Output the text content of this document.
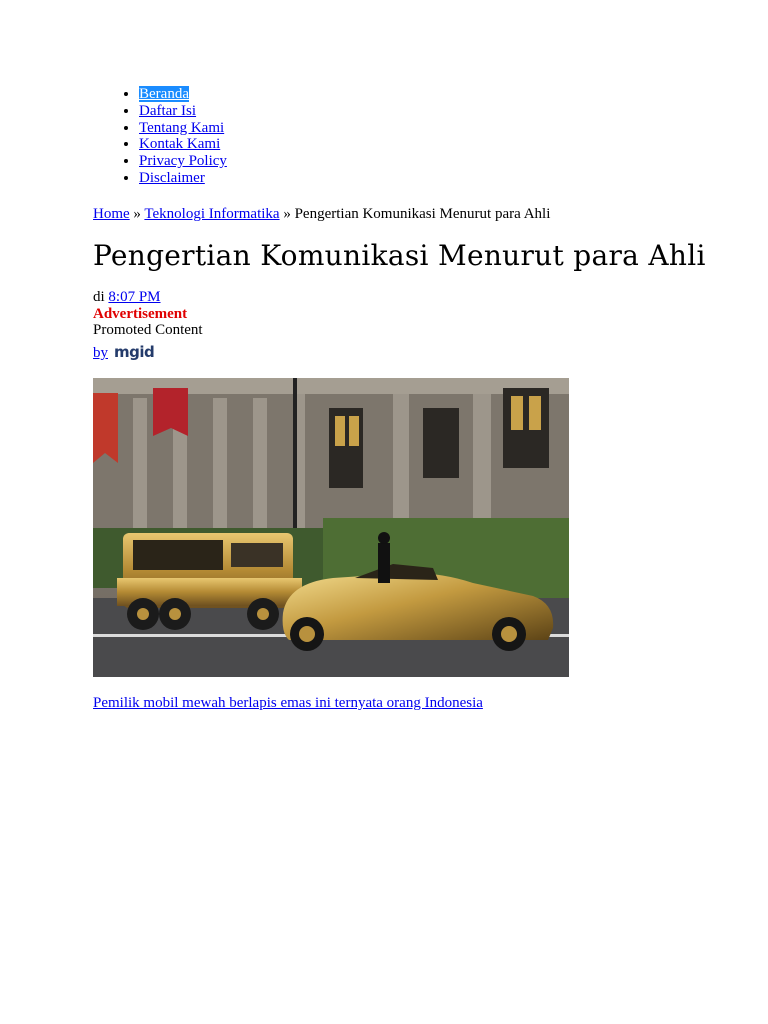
• Beranda
• Daftar Isi
• Tentang Kami
• Kontak Kami
• Privacy Policy
• Disclaimer
Home » Teknologi Informatika » Pengertian Komunikasi Menurut para Ahli
Pengertian Komunikasi Menurut para Ahli
di 8:07 PM
Advertisement
Promoted Content
by mgid
Pemilik mobil mewah berlapis emas ini ternyata orang Indonesia
